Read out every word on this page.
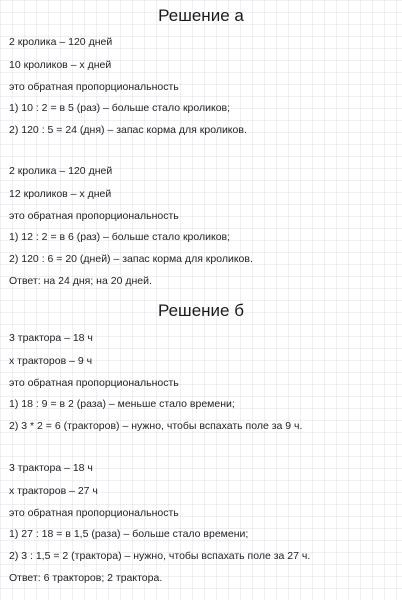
Решение а
2 кролика – 120 дней
10 кроликов – x дней
это обратная пропорциональность
1) 10 : 2 = в 5 (раз) – больше стало кроликов;
2) 120 : 5 = 24 (дня) – запас корма для кроликов.
2 кролика – 120 дней
12 кроликов – x дней
это обратная пропорциональность
1) 12 : 2 = в 6 (раз) – больше стало кроликов;
2) 120 : 6 = 20 (дней) – запас корма для кроликов.
Ответ: на 24 дня; на 20 дней.
Решение б
3 трактора – 18 ч
x тракторов – 9 ч
это обратная пропорциональность
1) 18 : 9 = в 2 (раза) – меньше стало времени;
2) 3 * 2 = 6 (тракторов) – нужно, чтобы вспахать поле за 9 ч.
3 трактора – 18 ч
x тракторов – 27 ч
это обратная пропорциональность
1) 27 : 18 = в 1,5 (раза) – больше стало времени;
2) 3 : 1,5 = 2 (трактора) – нужно, чтобы вспахать поле за 27 ч.
Ответ: 6 тракторов; 2 трактора.
